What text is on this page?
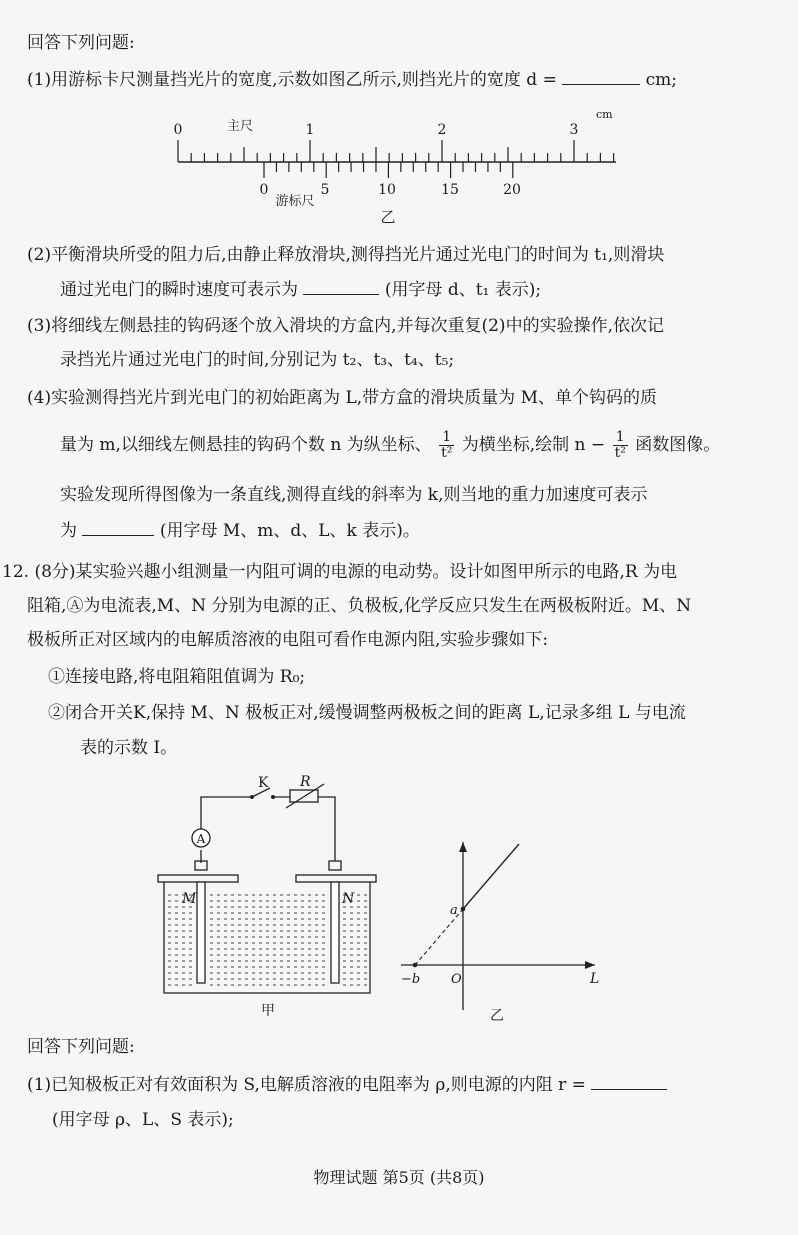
回答下列问题:
(1)用游标卡尺测量挡光片的宽度,示数如图乙所示,则挡光片的宽度 d =	cm;
0	1	2	3
cm
主尺
0	5	10	15	20
游标尺
乙
(2)平衡滑块所受的阻力后,由静止释放滑块,测得挡光片通过光电门的时间为 t₁,则滑块
通过光电门的瞬时速度可表示为	(用字母 d、t₁ 表示);
(3)将细线左侧悬挂的钩码逐个放入滑块的方盒内,并每次重复(2)中的实验操作,依次记
录挡光片通过光电门的时间,分别记为 t₂、t₃、t₄、t₅;
(4)实验测得挡光片到光电门的初始距离为 L,带方盒的滑块质量为 M、单个钩码的质
量为 m,以细线左侧悬挂的钩码个数 n 为纵坐标、 $\frac{1}{\text{t²}}$ 为横坐标,绘制 $n - \frac{1}{\text{t²}}$ 函数图像。
实验发现所得图像为一条直线,测得直线的斜率为 k,则当地的重力加速度可表示
为	(用字母 M、m、d、L、k 表示)。
12. (8分)某实验兴趣小组测量一内阻可调的电源的电动势。设计如图甲所示的电路,R 为电
阻箱,Ⓐ为电流表,M、N 分别为电源的正、负极板,化学反应只发生在两极板附近。M、N
极板所正对区域内的电解质溶液的电阻可看作电源内阻,实验步骤如下:
①连接电路,将电阻箱阻值调为 R₀;
②闭合开关K,保持 M、N 极板正对,缓慢调整两极板之间的距离 L,记录多组 L 与电流
表的示数 I。
A
K R
M	N
甲
a
−b O	L
乙
回答下列问题:
(1)已知极板正对有效面积为 S,电解质溶液的电阻率为 ρ,则电源的内阻 r =
(用字母 ρ、L、S 表示);
物理试题 第5页 (共8页)
